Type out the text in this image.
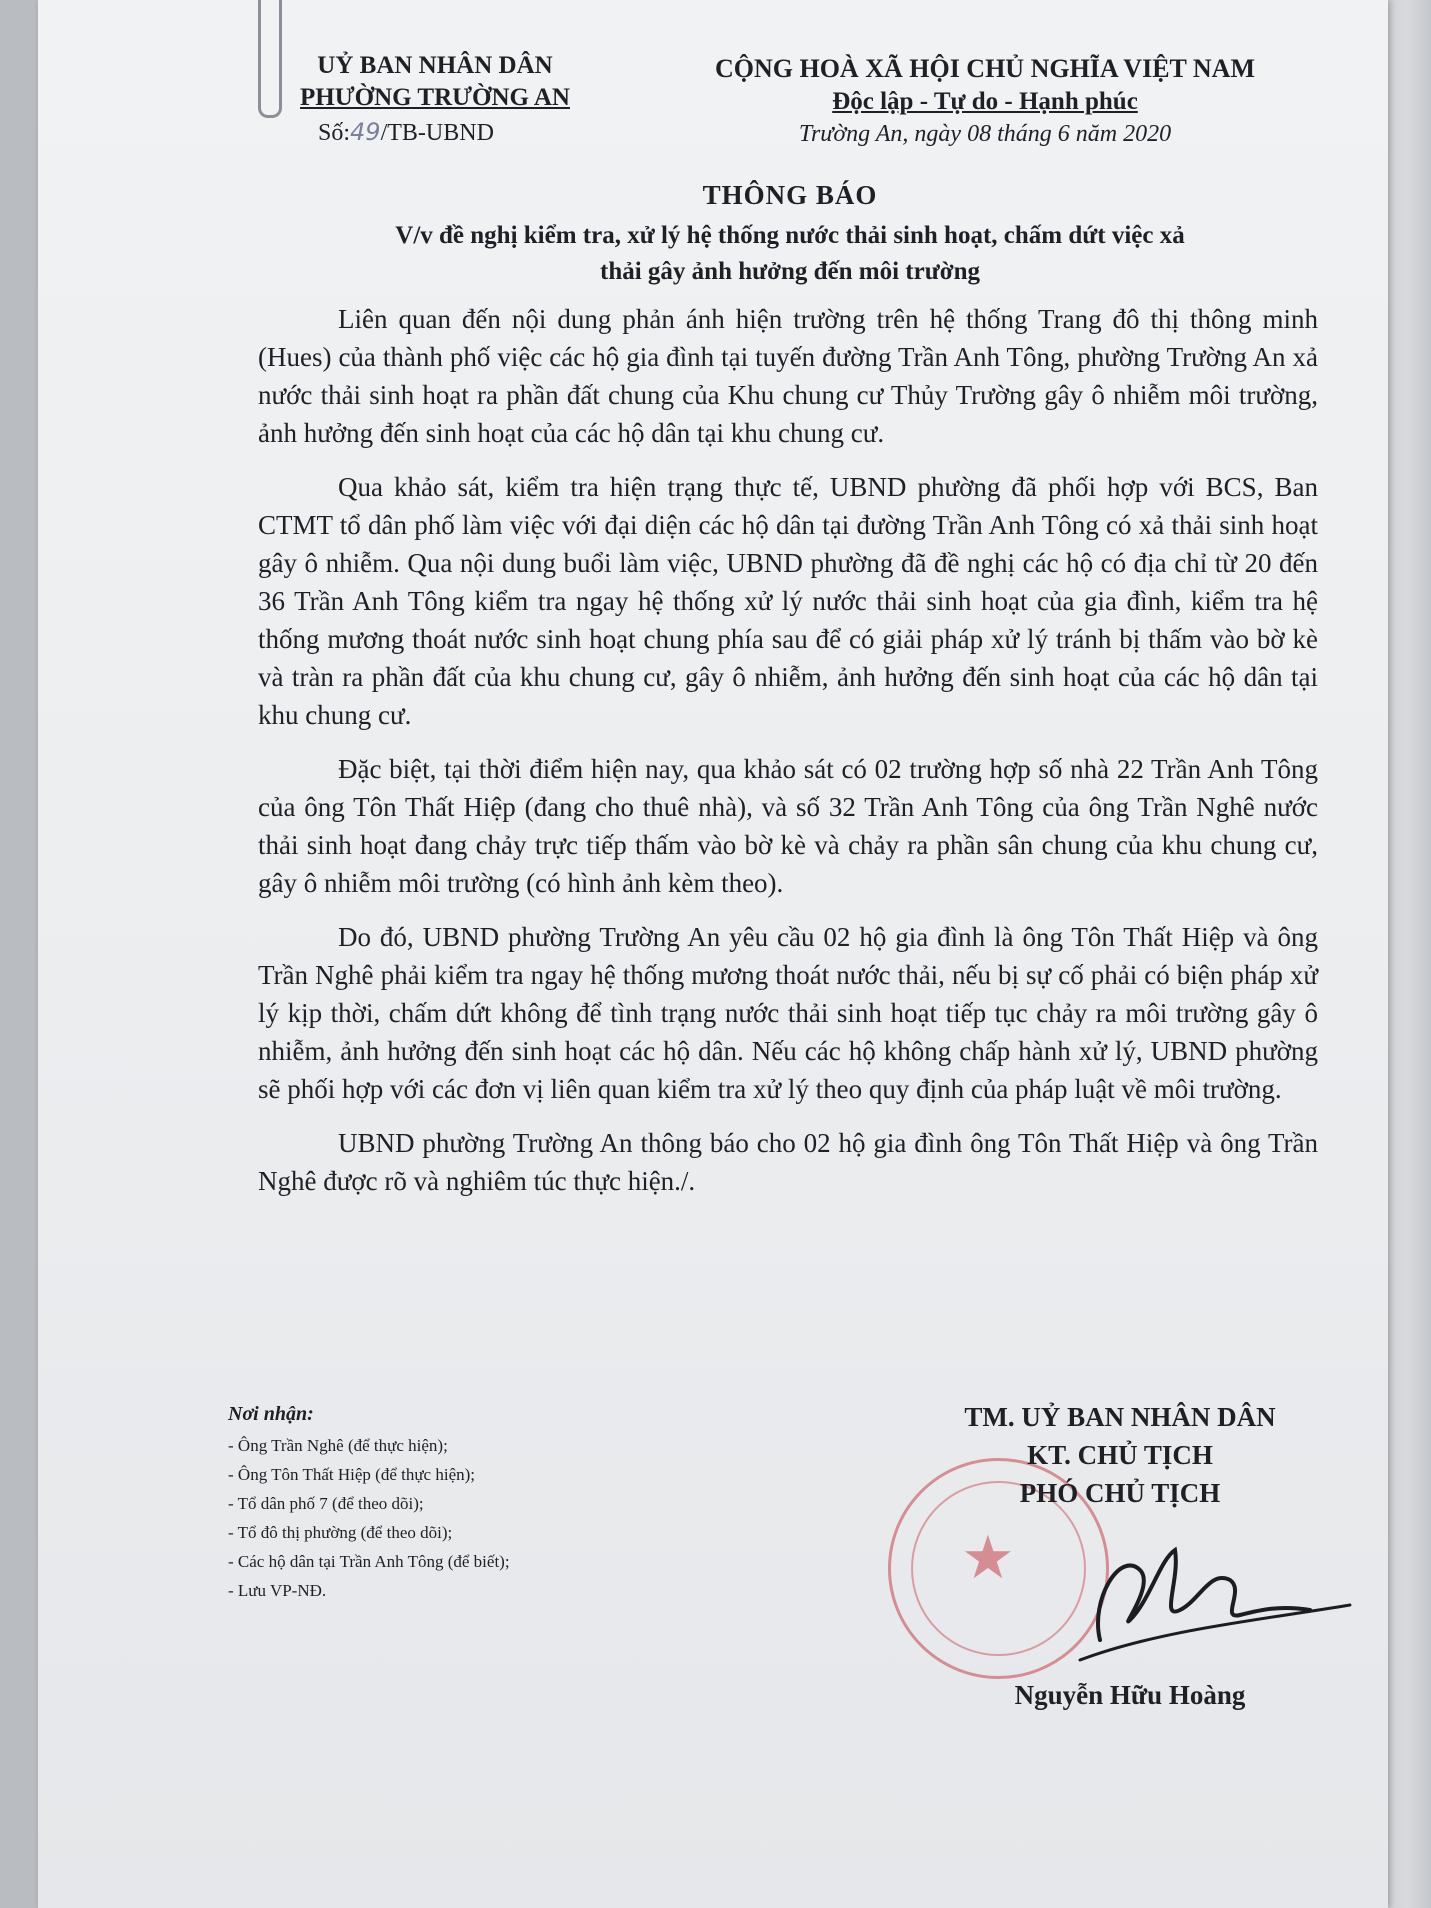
UỶ BAN NHÂN DÂN
PHƯỜNG TRƯỜNG AN
Số:49/TB-UBND
CỘNG HOÀ XÃ HỘI CHỦ NGHĨA VIỆT NAM
Độc lập - Tự do - Hạnh phúc
Trường An, ngày 08 tháng 6 năm 2020
THÔNG BÁO
V/v đề nghị kiểm tra, xử lý hệ thống nước thải sinh hoạt, chấm dứt việc xả
thải gây ảnh hưởng đến môi trường

Liên quan đến nội dung phản ánh hiện trường trên hệ thống Trang đô thị thông minh (Hues) của thành phố việc các hộ gia đình tại tuyến đường Trần Anh Tông, phường Trường An xả nước thải sinh hoạt ra phần đất chung của Khu chung cư Thủy Trường gây ô nhiễm môi trường, ảnh hưởng đến sinh hoạt của các hộ dân tại khu chung cư.

Qua khảo sát, kiểm tra hiện trạng thực tế, UBND phường đã phối hợp với BCS, Ban CTMT tổ dân phố làm việc với đại diện các hộ dân tại đường Trần Anh Tông có xả thải sinh hoạt gây ô nhiễm. Qua nội dung buổi làm việc, UBND phường đã đề nghị các hộ có địa chỉ từ 20 đến 36 Trần Anh Tông kiểm tra ngay hệ thống xử lý nước thải sinh hoạt của gia đình, kiểm tra hệ thống mương thoát nước sinh hoạt chung phía sau để có giải pháp xử lý tránh bị thấm vào bờ kè và tràn ra phần đất của khu chung cư, gây ô nhiễm, ảnh hưởng đến sinh hoạt của các hộ dân tại khu chung cư.

Đặc biệt, tại thời điểm hiện nay, qua khảo sát có 02 trường hợp số nhà 22 Trần Anh Tông của ông Tôn Thất Hiệp (đang cho thuê nhà), và số 32 Trần Anh Tông của ông Trần Nghê nước thải sinh hoạt đang chảy trực tiếp thấm vào bờ kè và chảy ra phần sân chung của khu chung cư, gây ô nhiễm môi trường (có hình ảnh kèm theo).

Do đó, UBND phường Trường An yêu cầu 02 hộ gia đình là ông Tôn Thất Hiệp và ông Trần Nghê phải kiểm tra ngay hệ thống mương thoát nước thải, nếu bị sự cố phải có biện pháp xử lý kịp thời, chấm dứt không để tình trạng nước thải sinh hoạt tiếp tục chảy ra môi trường gây ô nhiễm, ảnh hưởng đến sinh hoạt các hộ dân. Nếu các hộ không chấp hành xử lý, UBND phường sẽ phối hợp với các đơn vị liên quan kiểm tra xử lý theo quy định của pháp luật về môi trường.

UBND phường Trường An thông báo cho 02 hộ gia đình ông Tôn Thất Hiệp và ông Trần Nghê được rõ và nghiêm túc thực hiện./.

Nơi nhận:
- Ông Trần Nghê (để thực hiện);
- Ông Tôn Thất Hiệp (để thực hiện);
- Tổ dân phố 7 (để theo dõi);
- Tổ đô thị phường (để theo dõi);
- Các hộ dân tại Trần Anh Tông (để biết);
- Lưu VP-NĐ.	★
TM. UỶ BAN NHÂN DÂN
KT. CHỦ TỊCH
PHÓ CHỦ TỊCH
Nguyễn Hữu Hoàng
